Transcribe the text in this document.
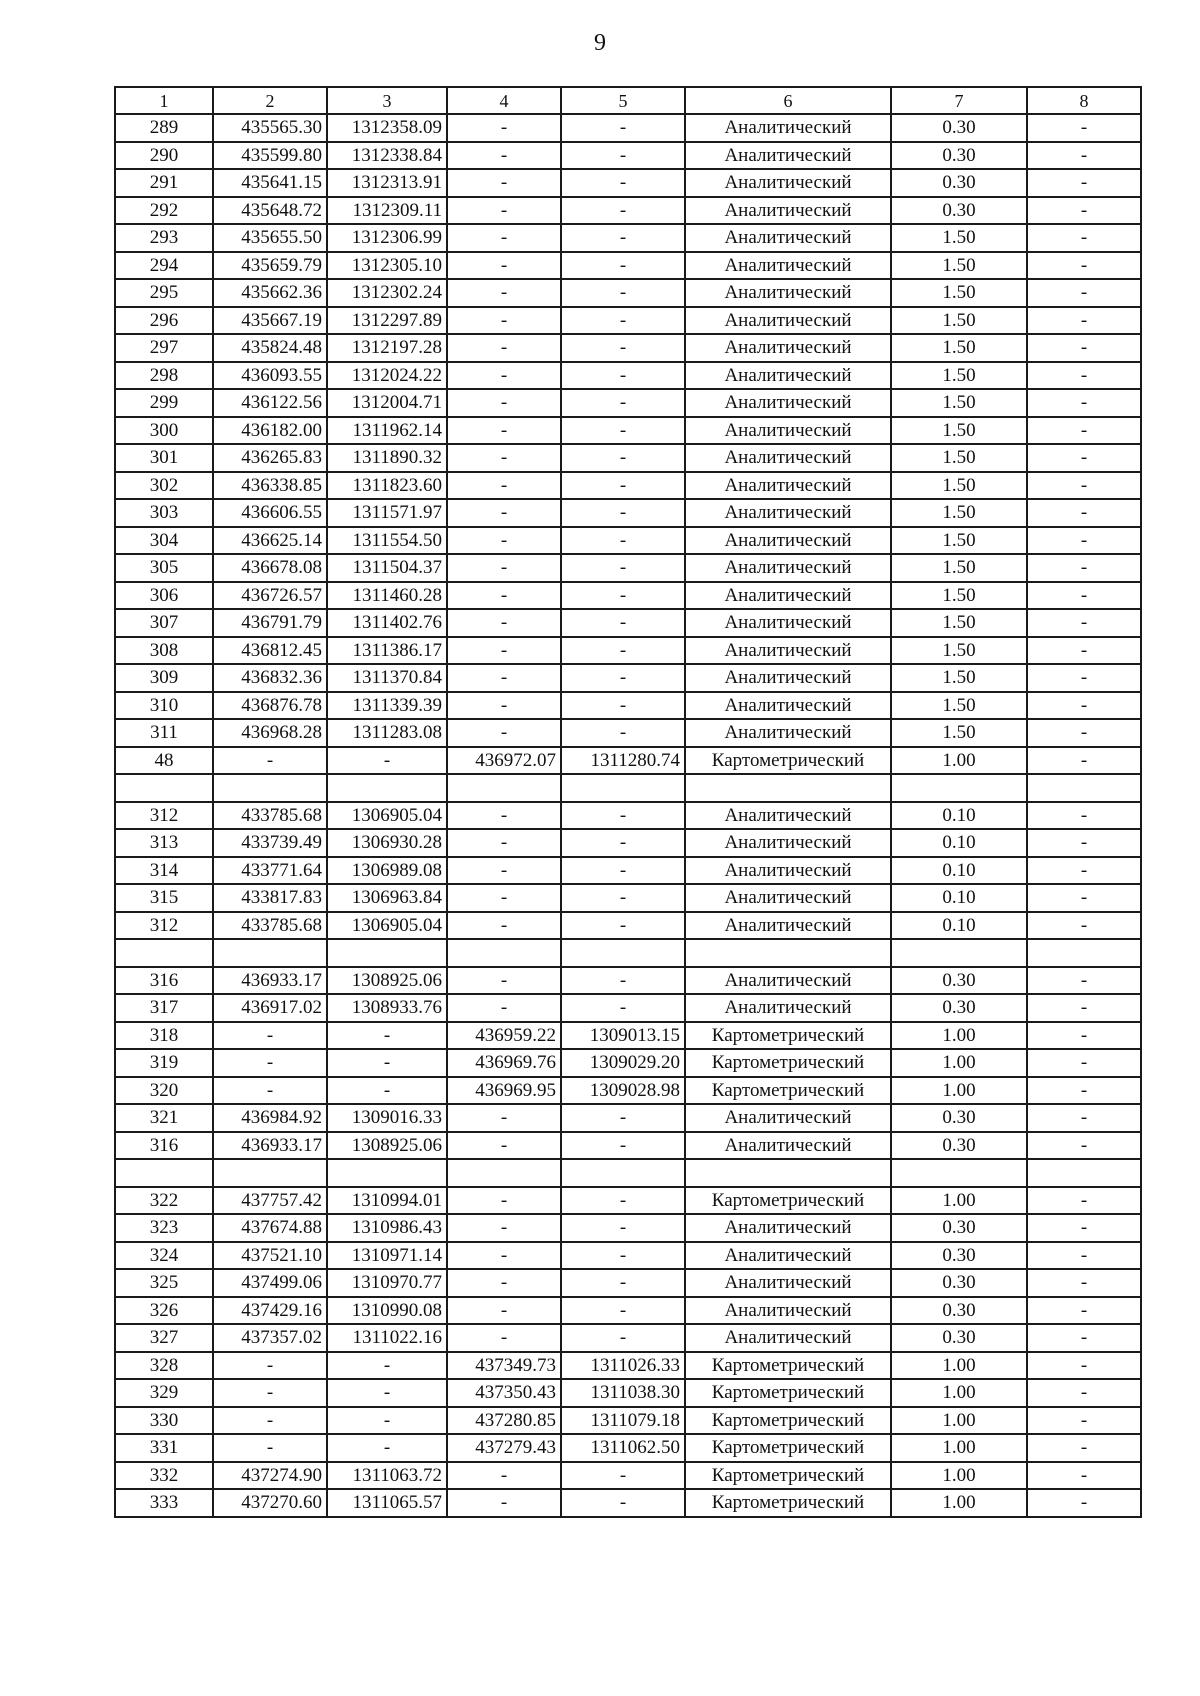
9
1	2	3	4	5	6	7	8
289	435565.30	1312358.09	-	-	Аналитический	0.30	-
290	435599.80	1312338.84	-	-	Аналитический	0.30	-
291	435641.15	1312313.91	-	-	Аналитический	0.30	-
292	435648.72	1312309.11	-	-	Аналитический	0.30	-
293	435655.50	1312306.99	-	-	Аналитический	1.50	-
294	435659.79	1312305.10	-	-	Аналитический	1.50	-
295	435662.36	1312302.24	-	-	Аналитический	1.50	-
296	435667.19	1312297.89	-	-	Аналитический	1.50	-
297	435824.48	1312197.28	-	-	Аналитический	1.50	-
298	436093.55	1312024.22	-	-	Аналитический	1.50	-
299	436122.56	1312004.71	-	-	Аналитический	1.50	-
300	436182.00	1311962.14	-	-	Аналитический	1.50	-
301	436265.83	1311890.32	-	-	Аналитический	1.50	-
302	436338.85	1311823.60	-	-	Аналитический	1.50	-
303	436606.55	1311571.97	-	-	Аналитический	1.50	-
304	436625.14	1311554.50	-	-	Аналитический	1.50	-
305	436678.08	1311504.37	-	-	Аналитический	1.50	-
306	436726.57	1311460.28	-	-	Аналитический	1.50	-
307	436791.79	1311402.76	-	-	Аналитический	1.50	-
308	436812.45	1311386.17	-	-	Аналитический	1.50	-
309	436832.36	1311370.84	-	-	Аналитический	1.50	-
310	436876.78	1311339.39	-	-	Аналитический	1.50	-
311	436968.28	1311283.08	-	-	Аналитический	1.50	-
48	-	-	436972.07	1311280.74	Картометрический	1.00	-

312	433785.68	1306905.04	-	-	Аналитический	0.10	-
313	433739.49	1306930.28	-	-	Аналитический	0.10	-
314	433771.64	1306989.08	-	-	Аналитический	0.10	-
315	433817.83	1306963.84	-	-	Аналитический	0.10	-
312	433785.68	1306905.04	-	-	Аналитический	0.10	-

316	436933.17	1308925.06	-	-	Аналитический	0.30	-
317	436917.02	1308933.76	-	-	Аналитический	0.30	-
318	-	-	436959.22	1309013.15	Картометрический	1.00	-
319	-	-	436969.76	1309029.20	Картометрический	1.00	-
320	-	-	436969.95	1309028.98	Картометрический	1.00	-
321	436984.92	1309016.33	-	-	Аналитический	0.30	-
316	436933.17	1308925.06	-	-	Аналитический	0.30	-

322	437757.42	1310994.01	-	-	Картометрический	1.00	-
323	437674.88	1310986.43	-	-	Аналитический	0.30	-
324	437521.10	1310971.14	-	-	Аналитический	0.30	-
325	437499.06	1310970.77	-	-	Аналитический	0.30	-
326	437429.16	1310990.08	-	-	Аналитический	0.30	-
327	437357.02	1311022.16	-	-	Аналитический	0.30	-
328	-	-	437349.73	1311026.33	Картометрический	1.00	-
329	-	-	437350.43	1311038.30	Картометрический	1.00	-
330	-	-	437280.85	1311079.18	Картометрический	1.00	-
331	-	-	437279.43	1311062.50	Картометрический	1.00	-
332	437274.90	1311063.72	-	-	Картометрический	1.00	-
333	437270.60	1311065.57	-	-	Картометрический	1.00	-
